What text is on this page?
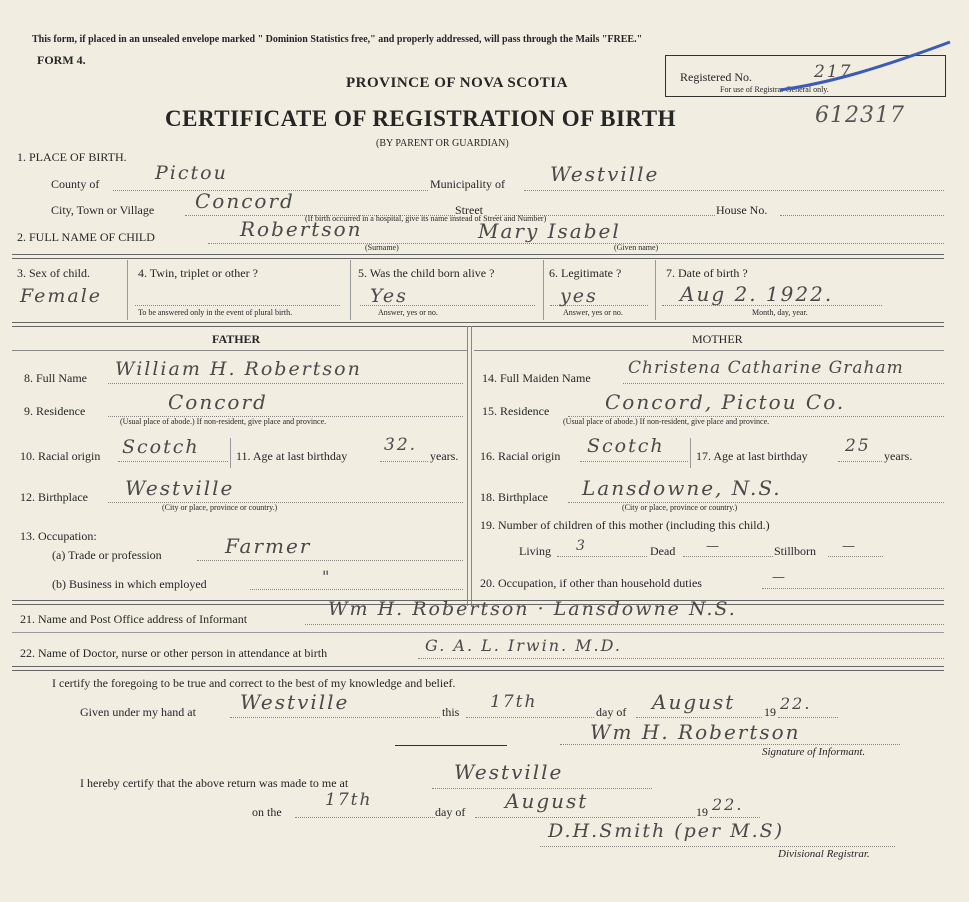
This form, if placed in an unsealed envelope marked " Dominion Statistics free," and properly addressed, will pass through the Mails "FREE."
FORM 4.
PROVINCE OF NOVA SCOTIA	Registered No.	217
For use of Registrar General only.
CERTIFICATE OF REGISTRATION OF BIRTH	612317
(BY PARENT OR GUARDIAN)
1. PLACE OF BIRTH.
County of	Pictou	Municipality of Westville
City, Town or Village Concord	Street	House No.
(If birth occurred in a hospital, give its name instead of Street and Number)
2. FULL NAME OF CHILD	Robertson	Mary Isabel
(Surname)	(Given name)
3. Sex of child.
Female
4. Twin, triplet or other ?
To be answered only in the event of plural birth.
5. Was the child born alive ?
Yes
Answer, yes or no.
6. Legitimate ?
yes
Answer, yes or no.
7. Date of birth ?
Aug 2. 1922.
Month, day, year.
FATHER	MOTHER
8. Full Name William H. Robertson
9. Residence	Concord
(Usual place of abode.) If non-resident, give place and province.
10. Racial origin Scotch	11. Age at last birthday
32.
years.
12. Birthplace Westville
(City or place, province or country.)
13. Occupation:
(a) Trade or profession	Farmer
(b) Business in which employed	"
14. Full Maiden Name Christena Catharine Graham
15. Residence	Concord, Pictou Co.
(Usual place of abode.) If non-resident, give place and province.
16. Racial origin Scotch	17. Age at last birthday 25 years.
18. Birthplace Lansdowne, N.S.
(City or place, province or country.)
19. Number of children of this mother (including this child.)
Living 3	Dead —	Stillborn —
20. Occupation, if other than household duties	—
21. Name and Post Office address of Informant	Wm H. Robertson · Lansdowne N.S.
22. Name of Doctor, nurse or other person in attendance at birth	G. A. L. Irwin. M.D.
I certify the foregoing to be true and correct to the best of my knowledge and belief.
Given under my hand at Westville	this 17th	day of August 19 22.
Wm H. Robertson
Signature of Informant.
I hereby certify that the above return was made to me at	Westville
on the
17th
day of August	19 22.
D.H.Smith (per M.S)
Divisional Registrar.
